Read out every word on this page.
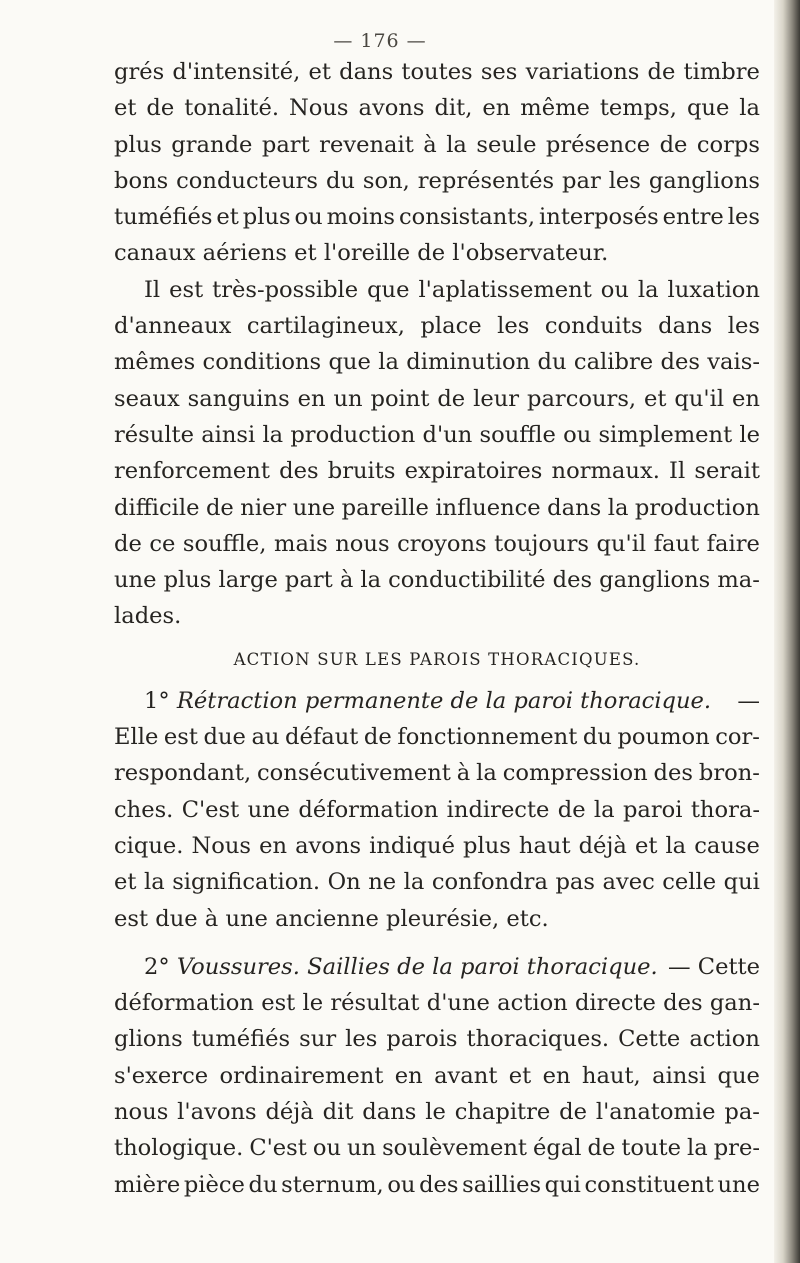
— 176 —
grés d'intensité, et dans toutes ses variations de timbre
et de tonalité. Nous avons dit, en même temps, que la
plus grande part revenait à la seule présence de corps
bons conducteurs du son, représentés par les ganglions
tuméfiés et plus ou moins consistants, interposés entre les
canaux aériens et l'oreille de l'observateur.
Il est très-possible que l'aplatissement ou la luxation
d'anneaux cartilagineux, place les conduits dans les
mêmes conditions que la diminution du calibre des vais-
seaux sanguins en un point de leur parcours, et qu'il en
résulte ainsi la production d'un souffle ou simplement le
renforcement des bruits expiratoires normaux. Il serait
difficile de nier une pareille influence dans la production
de ce souffle, mais nous croyons toujours qu'il faut faire
une plus large part à la conductibilité des ganglions ma-
lades.
ACTION SUR LES PAROIS THORACIQUES.
1° Rétraction permanente de la paroi thoracique. —
Elle est due au défaut de fonctionnement du poumon cor-
respondant, consécutivement à la compression des bron-
ches. C'est une déformation indirecte de la paroi thora-
cique. Nous en avons indiqué plus haut déjà et la cause
et la signification. On ne la confondra pas avec celle qui
est due à une ancienne pleurésie, etc.
2° Voussures. Saillies de la paroi thoracique. — Cette
déformation est le résultat d'une action directe des gan-
glions tuméfiés sur les parois thoraciques. Cette action
s'exerce ordinairement en avant et en haut, ainsi que
nous l'avons déjà dit dans le chapitre de l'anatomie pa-
thologique. C'est ou un soulèvement égal de toute la pre-
mière pièce du sternum, ou des saillies qui constituent une
